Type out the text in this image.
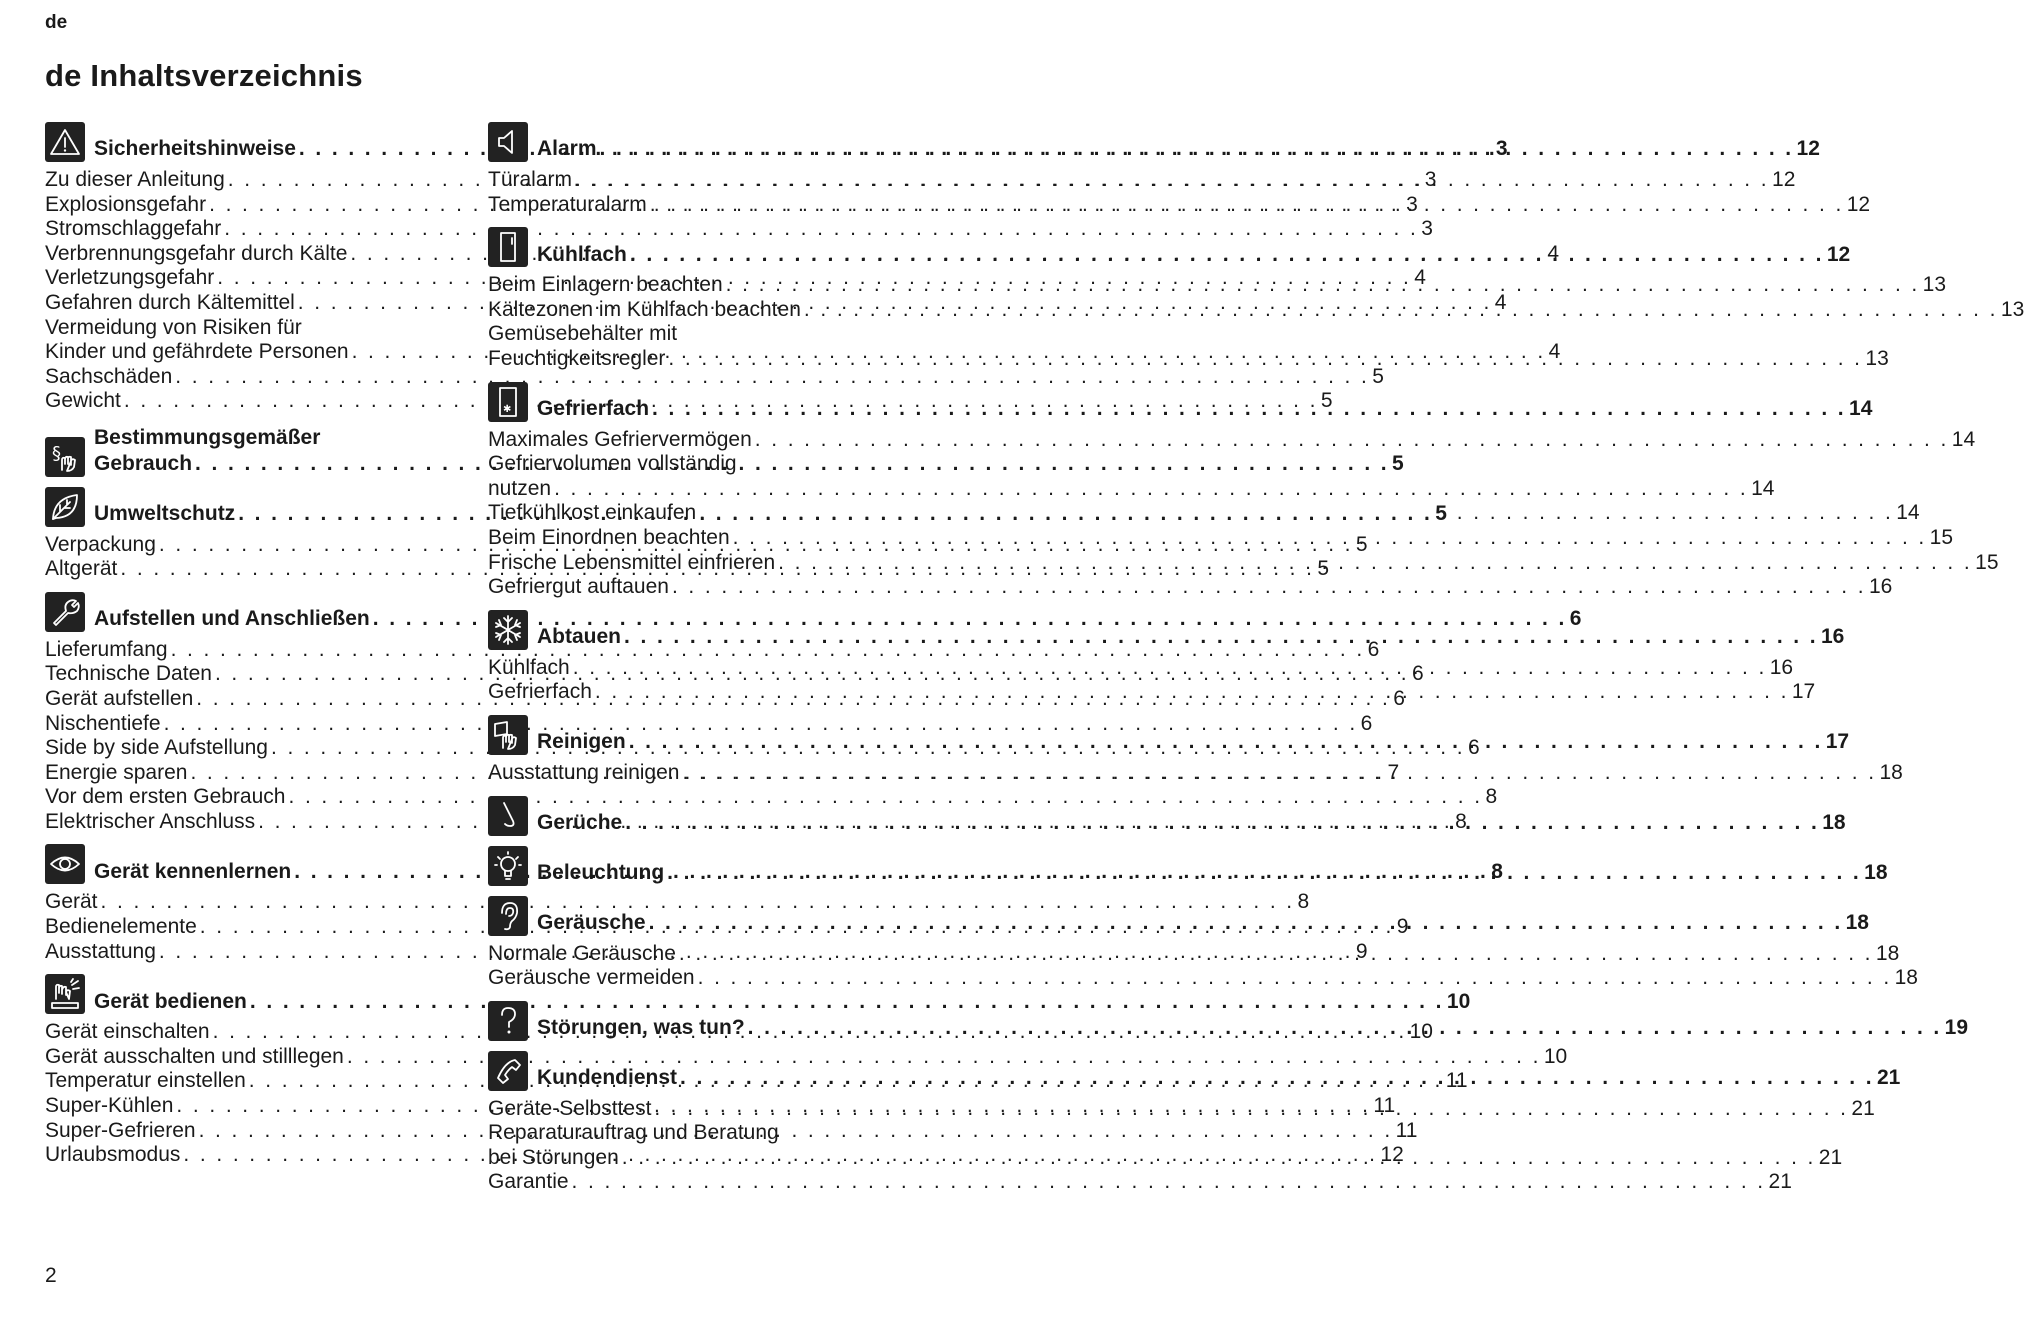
de
de Inhaltsverzeichnis
Sicherheitshinweise . . .	3
Zu dieser Anleitung . . .	3
Explosionsgefahr . . .	3
Stromschlaggefahr . . .	3
Verbrennungsgefahr durch Kälte . . .	4
Verletzungsgefahr . . .	4
Gefahren durch Kältemittel . . .	4
Vermeidung von Risiken für
Kinder und gefährdete Personen . . .	4
Sachschäden . . .	5
Gewicht . . .	5
§
Bestimmungsgemäßer
Gebrauch . . .	5
Umweltschutz . . .	5
Verpackung . . .	5
Altgerät . . .	5
Aufstellen und Anschließen . . .	6
Lieferumfang . . .	6
Technische Daten . . .	6
Gerät aufstellen . . .	6
Nischentiefe . . .	6
Side by side Aufstellung . . .	6
Energie sparen . . .	7
Vor dem ersten Gebrauch . . .	8
Elektrischer Anschluss . . .	8
Gerät kennenlernen . . .	8
Gerät . . .	8
Bedienelemente . . .	9
Ausstattung . . .	9
Gerät bedienen . . .	10
Gerät einschalten . . .	10
Gerät ausschalten und stilllegen . . .	10
Temperatur einstellen . . .	11
Super-Kühlen . . .	11
Super-Gefrieren . . .	11
Urlaubsmodus . . .	12
Alarm . . .	12
Türalarm . . .	12
Temperaturalarm . . .	12
Kühlfach . . .	12
Beim Einlagern beachten . . .	13
Kältezonen im Kühlfach beachten . . .	13
Gemüsebehälter mit
Feuchtigkeitsregler . . .	13
✱ Gefrierfach . . .	14
Maximales Gefriervermögen . . .	14
Gefriervolumen vollständig
nutzen . . .	14
Tiefkühlkost einkaufen . . .	14
Beim Einordnen beachten . . .	15
Frische Lebensmittel einfrieren . . .	15
Gefriergut auftauen . . .	16
Abtauen . . .	16
Kühlfach . . .	16
Gefrierfach . . .	17
Reinigen . . .	17
Ausstattung reinigen . . .	18
Gerüche . . .	18
Beleuchtung . . .	18
Geräusche . . .	18
Normale Geräusche . . .	18
Geräusche vermeiden . . .	18
Störungen, was tun? . . .	19
Kundendienst . . .	21
Geräte-Selbsttest . . .	21
Reparaturauftrag und Beratung
bei Störungen . . .	21
Garantie . . .	21
2
